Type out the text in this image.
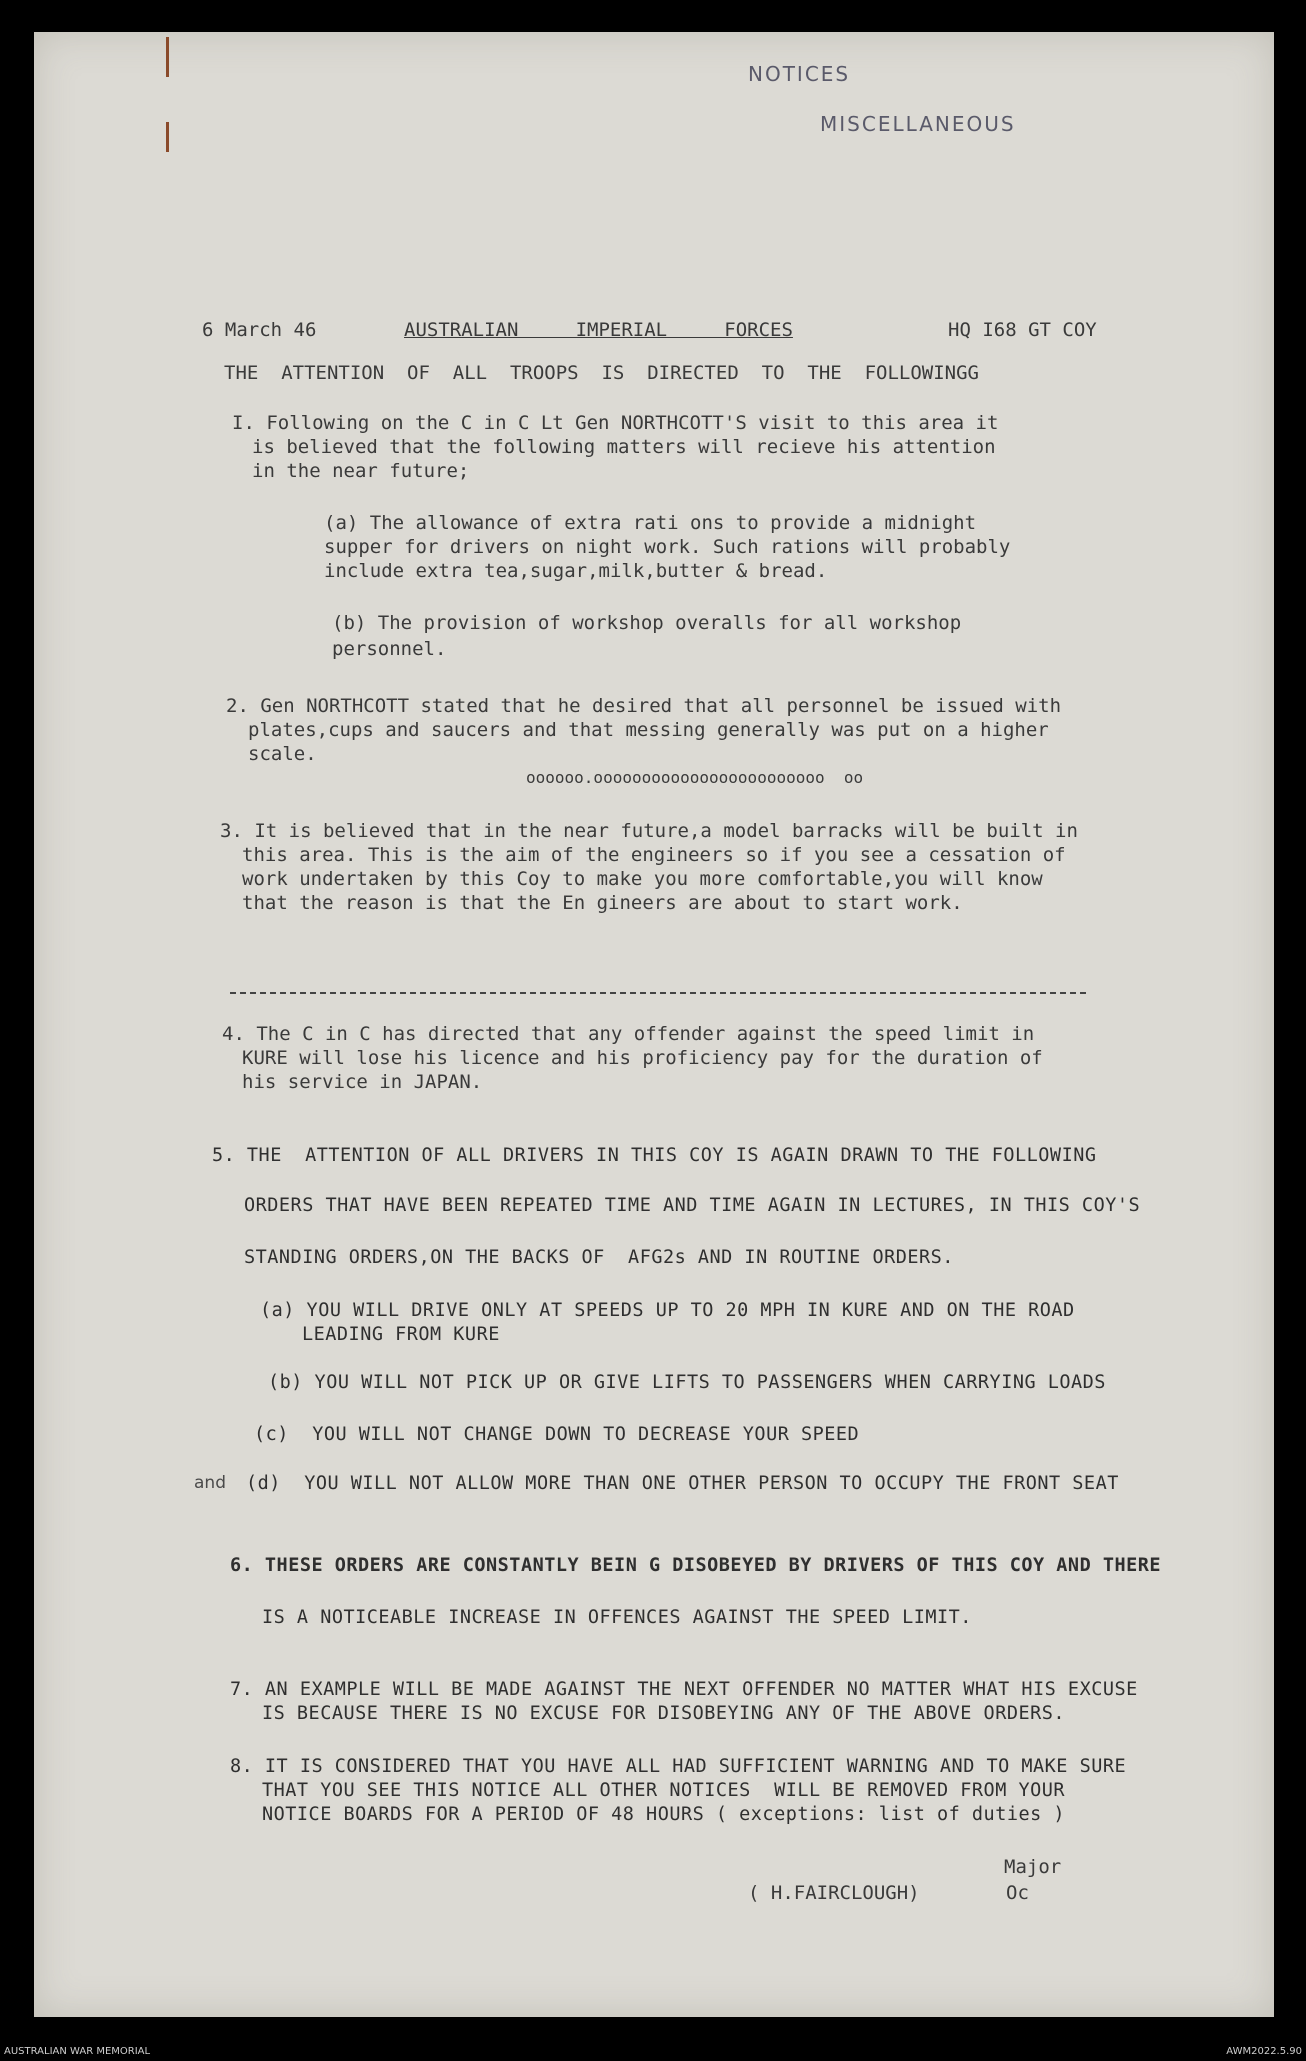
NOTICES
MISCELLANEOUS
6 March 46	AUSTRALIAN     IMPERIAL     FORCES	HQ I68 GT COY
THE  ATTENTION  OF  ALL  TROOPS  IS  DIRECTED  TO  THE  FOLLOWINGG
I. Following on the C in C Lt Gen NORTHCOTT'S visit to this area it
is believed that the following matters will recieve his attention
in the near future;
(a) The allowance of extra rati ons to provide a midnight
supper for drivers on night work. Such rations will probably
include extra tea,sugar,milk,butter & bread.
(b) The provision of workshop overalls for all workshop
personnel.
2. Gen NORTHCOTT stated that he desired that all personnel be issued with
plates,cups and saucers and that messing generally was put on a higher
scale.
oooooo.oooooooooooooooooooooooo  oo
3. It is believed that in the near future,a model barracks will be built in
this area. This is the aim of the engineers so if you see a cessation of
work undertaken by this Coy to make you more comfortable,you will know
that the reason is that the En gineers are about to start work.
4. The C in C has directed that any offender against the speed limit in
KURE will lose his licence and his proficiency pay for the duration of
his service in JAPAN.
5. THE  ATTENTION OF ALL DRIVERS IN THIS COY IS AGAIN DRAWN TO THE FOLLOWING
ORDERS THAT HAVE BEEN REPEATED TIME AND TIME AGAIN IN LECTURES, IN THIS COY'S
STANDING ORDERS,ON THE BACKS OF  AFG2s AND IN ROUTINE ORDERS.
(a) YOU WILL DRIVE ONLY AT SPEEDS UP TO 20 MPH IN KURE AND ON THE ROAD
LEADING FROM KURE
(b) YOU WILL NOT PICK UP OR GIVE LIFTS TO PASSENGERS WHEN CARRYING LOADS
(c)  YOU WILL NOT CHANGE DOWN TO DECREASE YOUR SPEED
and (d)  YOU WILL NOT ALLOW MORE THAN ONE OTHER PERSON TO OCCUPY THE FRONT SEAT
6. THESE ORDERS ARE CONSTANTLY BEIN G DISOBEYED BY DRIVERS OF THIS COY AND THERE
IS A NOTICEABLE INCREASE IN OFFENCES AGAINST THE SPEED LIMIT.
7. AN EXAMPLE WILL BE MADE AGAINST THE NEXT OFFENDER NO MATTER WHAT HIS EXCUSE
IS BECAUSE THERE IS NO EXCUSE FOR DISOBEYING ANY OF THE ABOVE ORDERS.
8. IT IS CONSIDERED THAT YOU HAVE ALL HAD SUFFICIENT WARNING AND TO MAKE SURE
THAT YOU SEE THIS NOTICE ALL OTHER NOTICES  WILL BE REMOVED FROM YOUR
NOTICE BOARDS FOR A PERIOD OF 48 HOURS ( exceptions: list of duties )
Major
( H.FAIRCLOUGH)	Oc
AUSTRALIAN WAR MEMORIAL	AWM2022.5.90
